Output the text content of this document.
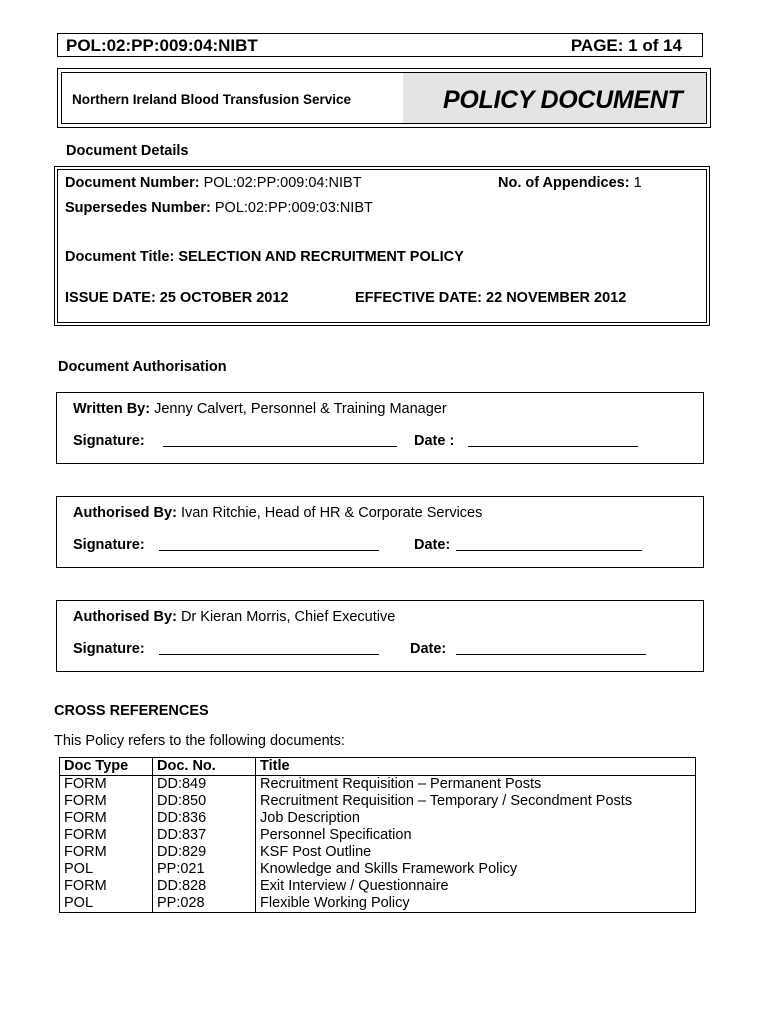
POL:02:PP:009:04:NIBT	PAGE: 1 of 14
Northern Ireland Blood Transfusion Service	POLICY DOCUMENT
Document Details
Document Number: POL:02:PP:009:04:NIBT	No. of Appendices: 1
Supersedes Number: POL:02:PP:009:03:NIBT
Document Title: SELECTION AND RECRUITMENT POLICY
ISSUE DATE: 25 OCTOBER 2012	EFFECTIVE DATE: 22 NOVEMBER 2012
Document Authorisation
Written By: Jenny Calvert, Personnel & Training Manager
Signature:	Date :
Authorised By: Ivan Ritchie, Head of HR & Corporate Services
Signature:	Date:
Authorised By: Dr Kieran Morris, Chief Executive
Signature:	Date:
CROSS REFERENCES
This Policy refers to the following documents:
Doc Type	Doc. No.	Title
FORM	DD:849	Recruitment Requisition – Permanent Posts
FORM	DD:850	Recruitment Requisition – Temporary / Secondment Posts
FORM	DD:836	Job Description
FORM	DD:837	Personnel Specification
FORM	DD:829	KSF Post Outline
POL	PP:021	Knowledge and Skills Framework Policy
FORM	DD:828	Exit Interview / Questionnaire
POL	PP:028	Flexible Working Policy
